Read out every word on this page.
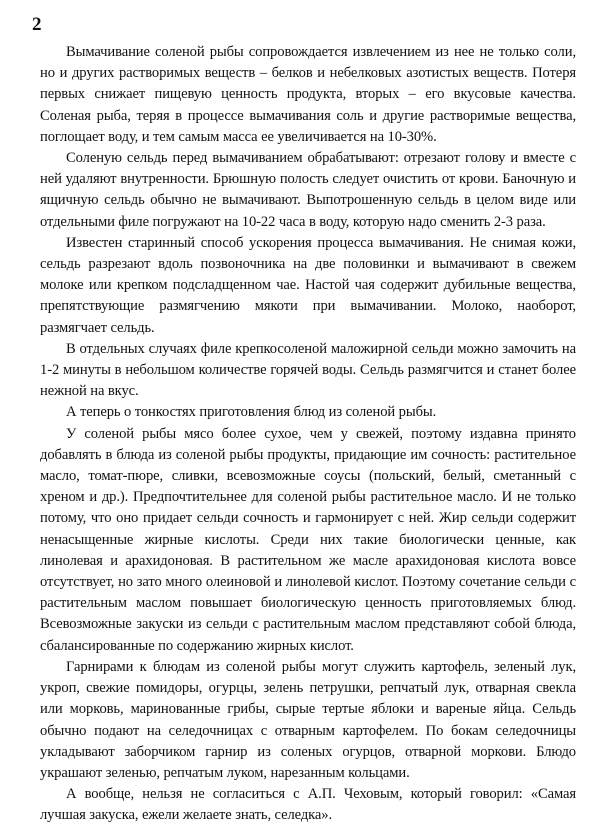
2

Вымачивание соленой рыбы сопровождается извлечением из нее не только соли, но и других растворимых веществ – белков и небелковых азотистых веществ. Потеря первых снижает пищевую ценность продукта, вторых – его вкусовые качества. Соленая рыба, теряя в процессе вымачивания соль и другие растворимые вещества, поглощает воду, и тем самым масса ее увеличивается на 10-30%.

Соленую сельдь перед вымачиванием обрабатывают: отрезают голову и вместе с ней удаляют внутренности. Брюшную полость следует очистить от крови. Баночную и ящичную сельдь обычно не вымачивают. Выпотрошенную сельдь в целом виде или отдельными филе погружают на 10-22 часа в воду, которую надо сменить 2-3 раза.

Известен старинный способ ускорения процесса вымачивания. Не снимая кожи, сельдь разрезают вдоль позвоночника на две половинки и вымачивают в свежем молоке или крепком подсладщенном чае. Настой чая содержит дубильные вещества, препятствующие размягчению мякоти при вымачивании. Молоко, наоборот, размягчает сельдь.

В отдельных случаях филе крепкосоленой маложирной сельди можно замочить на 1-2 минуты в небольшом количестве горячей воды. Сельдь размягчится и станет более нежной на вкус.

А теперь о тонкостях приготовления блюд из соленой рыбы.

У соленой рыбы мясо более сухое, чем у свежей, поэтому издавна принято добавлять в блюда из соленой рыбы продукты, придающие им сочность: растительное масло, томат-пюре, сливки, всевозможные соусы (польский, белый, сметанный с хреном и др.). Предпочтительнее для соленой рыбы растительное масло. И не только потому, что оно придает сельди сочность и гармонирует с ней. Жир сельди содержит ненасыщенные жирные кислоты. Среди них такие биологически ценные, как линолевая и арахидоновая. В растительном же масле арахидоновая кислота вовсе отсутствует, но зато много олеиновой и линолевой кислот. Поэтому сочетание сельди с растительным маслом повышает биологическую ценность приготовляемых блюд. Всевозможные закуски из сельди с растительным маслом представляют собой блюда, сбалансированные по содержанию жирных кислот.

Гарнирами к блюдам из соленой рыбы могут служить картофель, зеленый лук, укроп, свежие помидоры, огурцы, зелень петрушки, репчатый лук, отварная свекла или морковь, маринованные грибы, сырые тертые яблоки и вареные яйца. Сельдь обычно подают на селедочницах с отварным картофелем. По бокам селедочницы укладывают заборчиком гарнир из соленых огурцов, отварной моркови. Блюдо украшают зеленью, репчатым луком, нарезанным кольцами.

А вообще, нельзя не согласиться с А.П. Чеховым, который говорил: «Самая лучшая закуска, ежели желаете знать, селедка».
